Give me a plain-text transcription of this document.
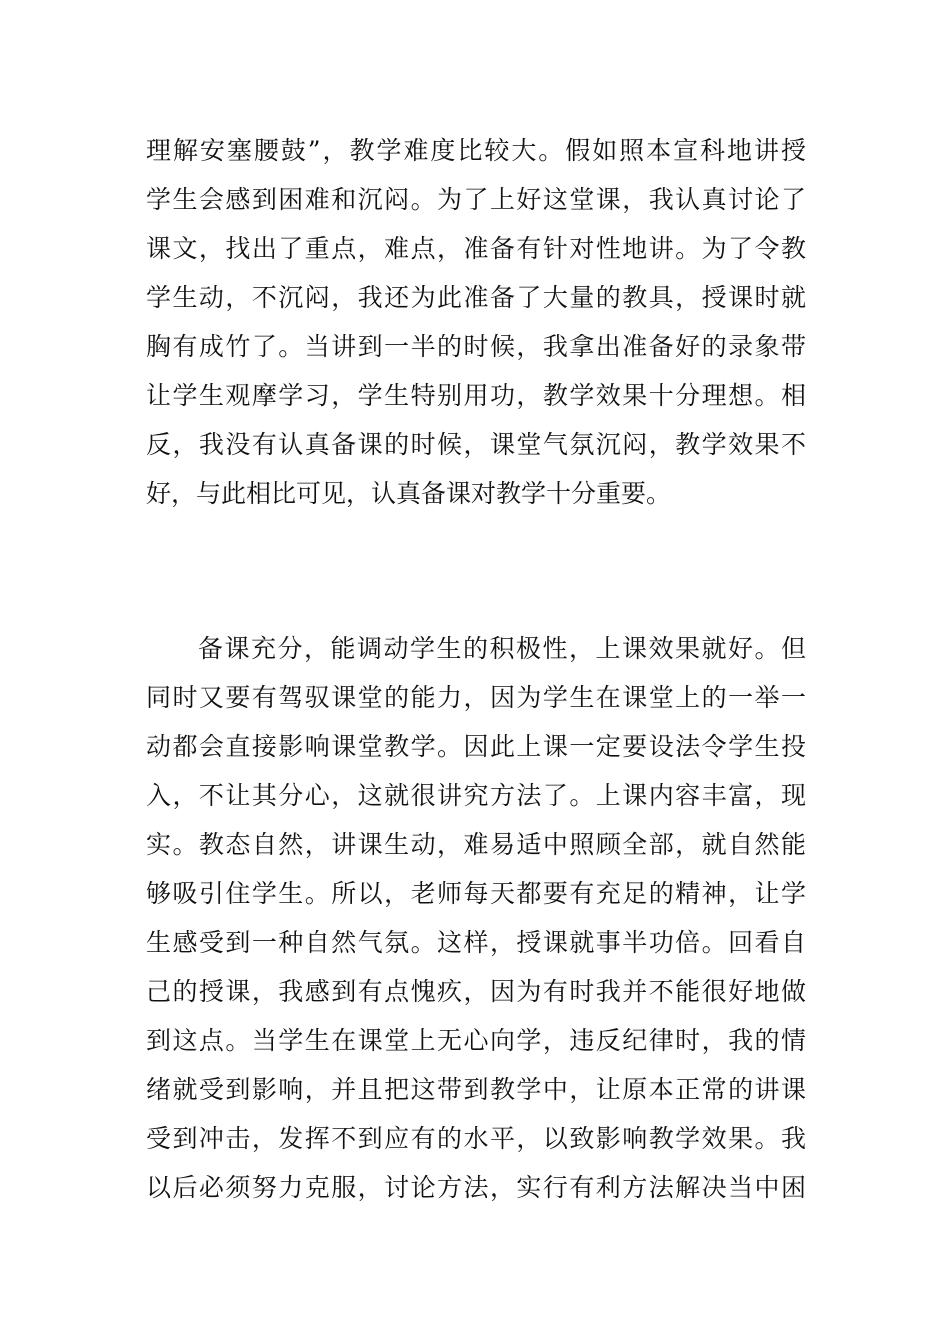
理解安塞腰鼓”，教学难度比较大。假如照本宣科地讲授
学生会感到困难和沉闷。为了上好这堂课，我认真讨论了
课文，找出了重点，难点，准备有针对性地讲。为了令教
学生动，不沉闷，我还为此准备了大量的教具，授课时就
胸有成竹了。当讲到一半的时候，我拿出准备好的录象带
让学生观摩学习，学生特别用功，教学效果十分理想。相
反，我没有认真备课的时候，课堂气氛沉闷，教学效果不
好，与此相比可见，认真备课对教学十分重要。
备课充分，能调动学生的积极性，上课效果就好。但
同时又要有驾驭课堂的能力，因为学生在课堂上的一举一
动都会直接影响课堂教学。因此上课一定要设法令学生投
入，不让其分心，这就很讲究方法了。上课内容丰富，现
实。教态自然，讲课生动，难易适中照顾全部，就自然能
够吸引住学生。所以，老师每天都要有充足的精神，让学
生感受到一种自然气氛。这样，授课就事半功倍。回看自
己的授课，我感到有点愧疚，因为有时我并不能很好地做
到这点。当学生在课堂上无心向学，违反纪律时，我的情
绪就受到影响，并且把这带到教学中，让原本正常的讲课
受到冲击，发挥不到应有的水平，以致影响教学效果。我
以后必须努力克服，讨论方法，实行有利方法解决当中困
